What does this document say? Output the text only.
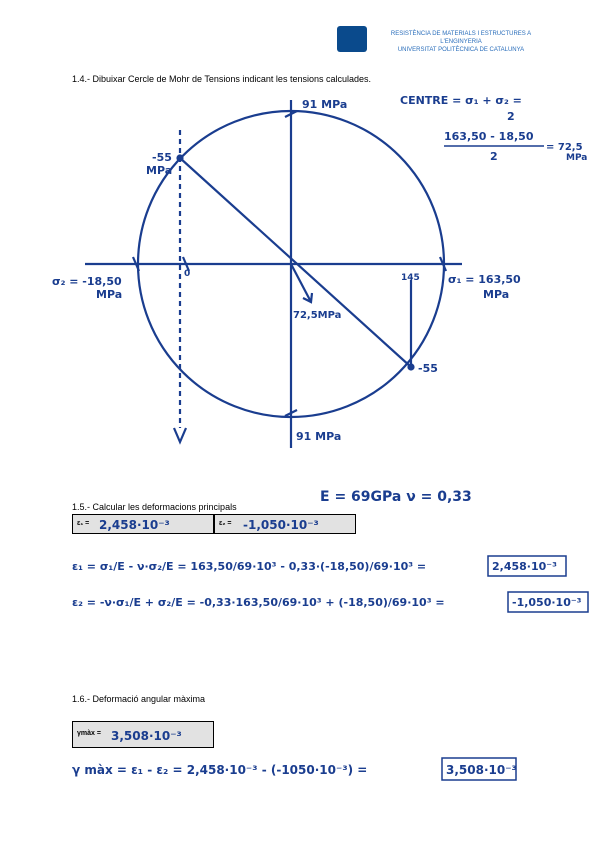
RESISTÈNCIA DE MATERIALS I ESTRUCTURES A L'ENGINYERIA
UNIVERSITAT POLITÈCNICA DE CATALUNYA
1.4.- Dibuixar Cercle de Mohr de Tensions indicant les tensions calculades.
91 MPa
91 MPa
-55
MPa
-55
σ₂ = -18,50
MPa
σ₁ = 163,50
MPa
0	145
72,5MPa
CENTRE = σ₁ + σ₂ =
2
163,50 - 18,50
2
= 72,5
MPa
1.5.- Calcular les deformacions principals
E = 69GPa ν = 0,33
ε₁ = 2,458·10⁻³	ε₂ = -1,050·10⁻³
ε₁ = σ₁/E - ν·σ₂/E = 163,50/69·10³ - 0,33·(-18,50)/69·10³ =	2,458·10⁻³
ε₂ = -ν·σ₁/E + σ₂/E = -0,33·163,50/69·10³ + (-18,50)/69·10³ =	-1,050·10⁻³
1.6.- Deformació angular màxima
γmàx = 3,508·10⁻³
γ màx = ε₁ - ε₂ = 2,458·10⁻³ - (-1050·10⁻³) =	3,508·10⁻³
